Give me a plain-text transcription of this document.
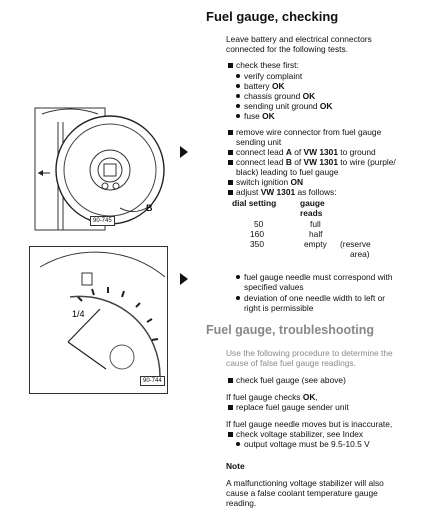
B
90-745
1/4
90-744
Fuel gauge, checking
Leave battery and electrical connectors
connected for the following tests.
check these first:
verify complaint
battery OK
chassis ground OK
sending unit ground OK
fuse OK
remove wire connector from fuel gauge
sending unit
connect lead A of VW 1301 to ground
connect lead B of VW 1301 to wire (purple/
black) leading to fuel gauge
switch ignition ON
adjust VW 1301 as follows:
dial setting	gauge
reads
50	full
160	half
350	empty (reserve
area)
fuel gauge needle must correspond with
specified values
deviation of one needle width to left or
right is permissible
Fuel gauge, troubleshooting
Use the following procedure to determine the
cause of false fuel gauge readings.
check fuel gauge (see above)
If fuel gauge checks OK,
replace fuel gauge sender unit
If fuel gauge needle moves but is inaccurate,
check voltage stabilizer, see Index
output voltage must be 9.5-10.5 V
Note
A malfunctioning voltage stabilizer will also
cause a false coolant temperature gauge
reading.
